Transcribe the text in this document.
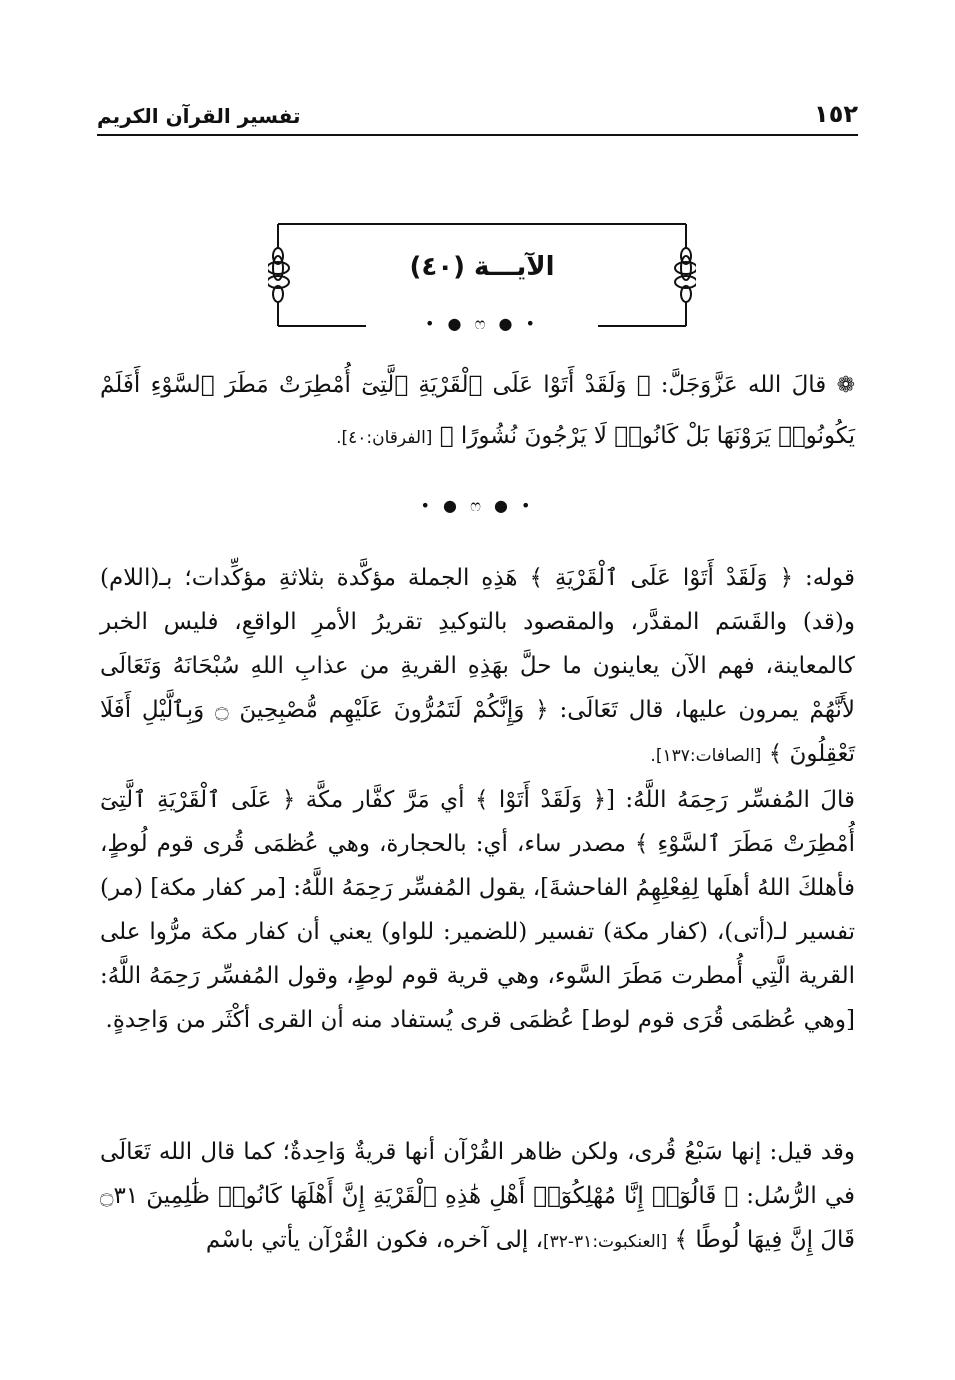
١٥٢
تفسير القرآن الكريم
الآيـــة (٤٠)
• ● ෆ ● •
❁ قالَ الله عَزَّوَجَلَّ: ﴿ وَلَقَدْ أَتَوْا عَلَى ٱلْقَرْيَةِ ٱلَّتِىٓ أُمْطِرَتْ مَطَرَ ٱلسَّوْءِ أَفَلَمْ يَكُونُوا۟ يَرَوْنَهَا بَلْ كَانُوا۟ لَا يَرْجُونَ نُشُورًا ﴾ [الفرقان:٤٠].
• ● ෆ ● •

قوله: ﴿ وَلَقَدْ أَتَوْا عَلَى ٱلْقَرْيَةِ ﴾ هَذِهِ الجملة مؤكَّدة بثلاثةِ مؤكِّدات؛ بـ(اللام) و(قد) والقَسَم المقدَّر، والمقصود بالتوكيدِ تقريرُ الأمرِ الواقعِ، فليس الخبر كالمعاينة، فهم الآن يعاينون ما حلَّ بهَذِهِ القريةِ من عذابِ اللهِ سُبْحَانَهُ وَتَعَالَى لأَنَّهُمْ يمرون عليها، قال تَعَالَى: ﴿ وَإِنَّكُمْ لَتَمُرُّونَ عَلَيْهِم مُّصْبِحِينَ ۝ وَبِٱلَّيْلِ أَفَلَا تَعْقِلُونَ ﴾ [الصافات:١٣٧].

قالَ المُفسِّر رَحِمَهُ اللَّهُ: [﴿ وَلَقَدْ أَتَوْا ﴾ أي مَرَّ كفَّار مكَّة ﴿ عَلَى ٱلْقَرْيَةِ ٱلَّتِىٓ أُمْطِرَتْ مَطَرَ ٱلسَّوْءِ ﴾ مصدر ساء، أي: بالحجارة، وهي عُظمَى قُرى قوم لُوطٍ، فأهلكَ اللهُ أهلَها لِفِعْلِهِمُ الفاحشةَ]، يقول المُفسِّر رَحِمَهُ اللَّهُ: [مر كفار مكة] (مر) تفسير لـ(أتى)، (كفار مكة) تفسير (للضمير: للواو) يعني أن كفار مكة مرُّوا على القرية الَّتِي أُمطرت مَطَرَ السَّوء، وهي قرية قوم لوطٍ، وقول المُفسِّر رَحِمَهُ اللَّهُ: [وهي عُظمَى قُرَى قوم لوط] عُظمَى قرى يُستفاد منه أن القرى أكْثَر من وَاحِدةٍ.

وقد قيل: إنها سَبْعُ قُرى، ولكن ظاهر القُرْآن أنها قريةٌ وَاحِدةٌ؛ كما قال الله تَعَالَى في الرُّسُل: ﴿ قَالُوٓا۟ إِنَّا مُهْلِكُوٓا۟ أَهْلِ هَٰذِهِ ٱلْقَرْيَةِ إِنَّ أَهْلَهَا كَانُوا۟ ظَٰلِمِينَ ۝٣١ قَالَ إِنَّ فِيهَا لُوطًا ﴾ [العنكبوت:٣١-٣٢]، إلى آخره، فكون القُرْآن يأتي باسْم
